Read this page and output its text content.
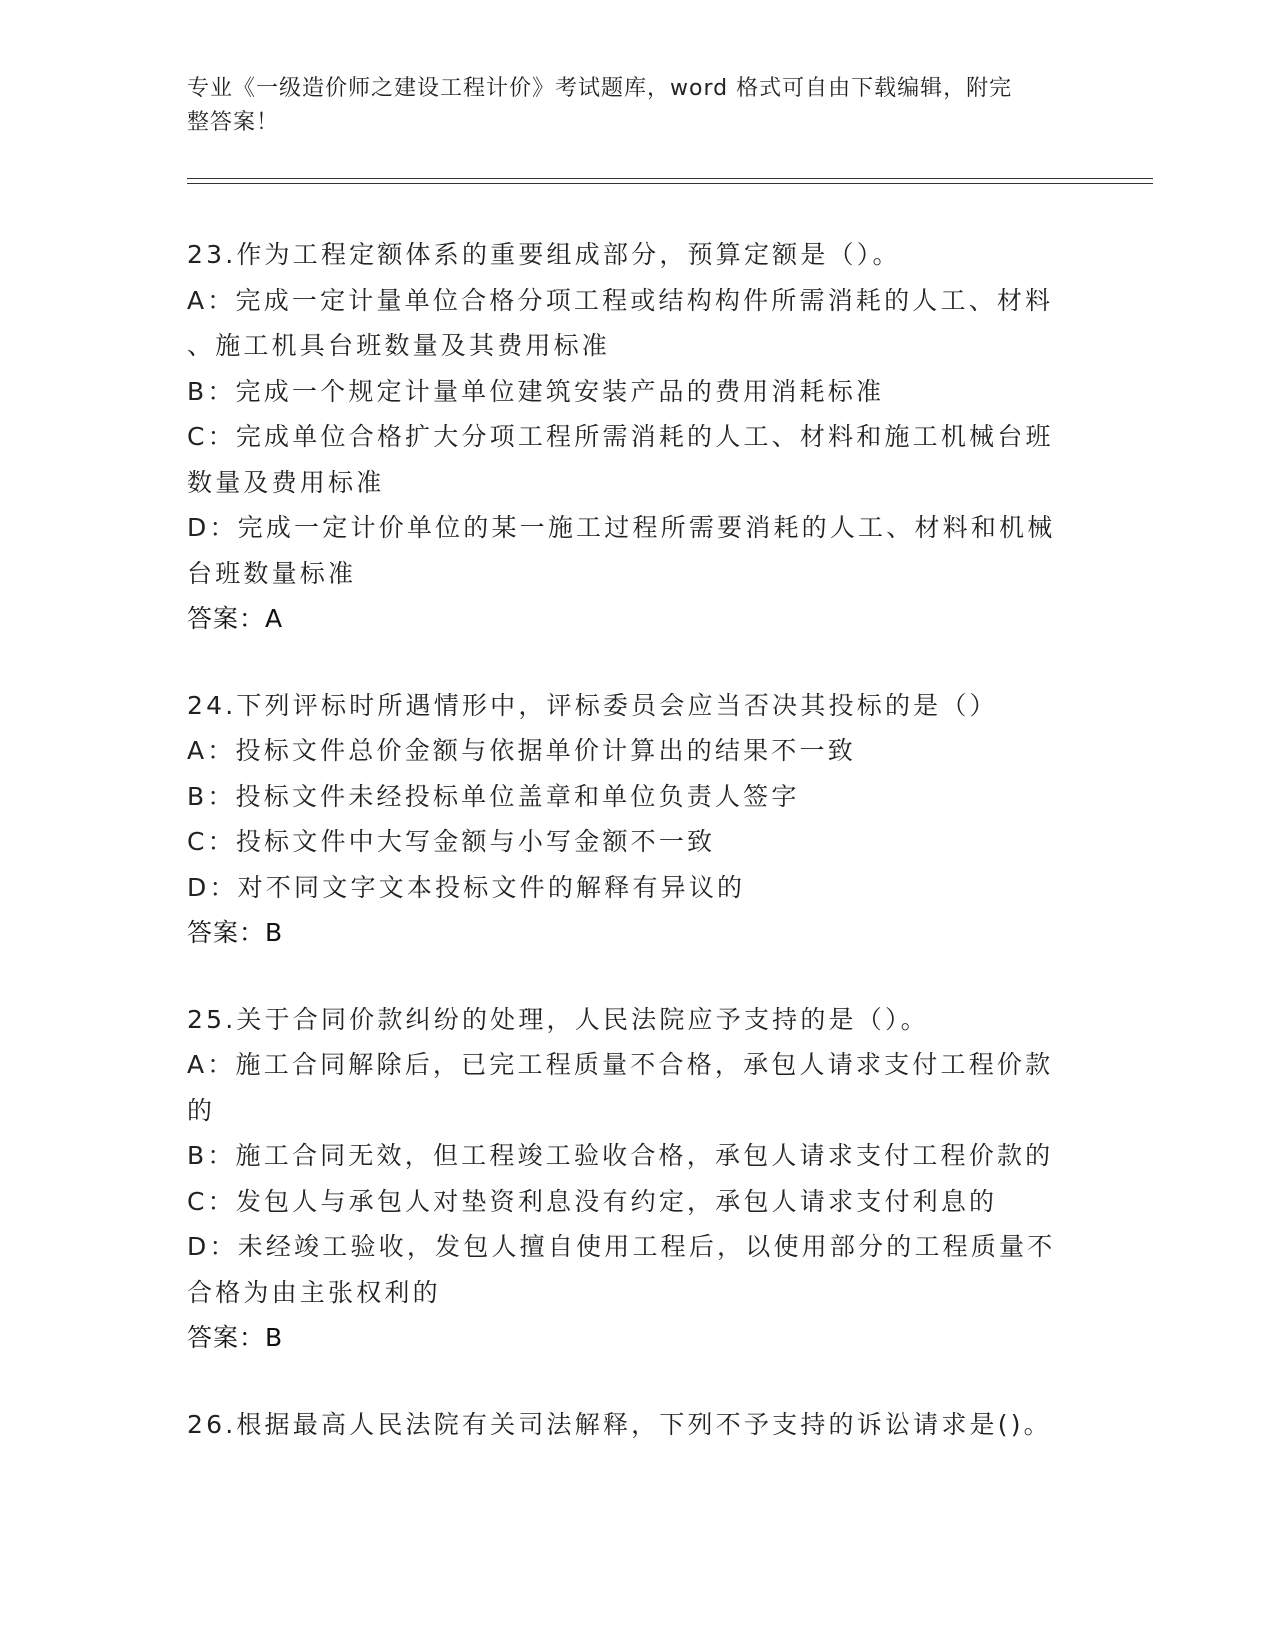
专业《一级造价师之建设工程计价》考试题库，word 格式可自由下载编辑，附完
整答案！
23.作为工程定额体系的重要组成部分，预算定额是（）。
A：完成一定计量单位合格分项工程或结构构件所需消耗的人工、材料
、施工机具台班数量及其费用标准
B：完成一个规定计量单位建筑安装产品的费用消耗标准
C：完成单位合格扩大分项工程所需消耗的人工、材料和施工机械台班
数量及费用标准
D：完成一定计价单位的某一施工过程所需要消耗的人工、材料和机械
台班数量标准
答案：A
24.下列评标时所遇情形中，评标委员会应当否决其投标的是（）
A：投标文件总价金额与依据单价计算出的结果不一致
B：投标文件未经投标单位盖章和单位负责人签字
C：投标文件中大写金额与小写金额不一致
D：对不同文字文本投标文件的解释有异议的
答案：B
25.关于合同价款纠纷的处理，人民法院应予支持的是（）。
A：施工合同解除后，已完工程质量不合格，承包人请求支付工程价款
的
B：施工合同无效，但工程竣工验收合格，承包人请求支付工程价款的
C：发包人与承包人对垫资利息没有约定，承包人请求支付利息的
D：未经竣工验收，发包人擅自使用工程后，以使用部分的工程质量不
合格为由主张权利的
答案：B
26.根据最高人民法院有关司法解释，下列不予支持的诉讼请求是()。
